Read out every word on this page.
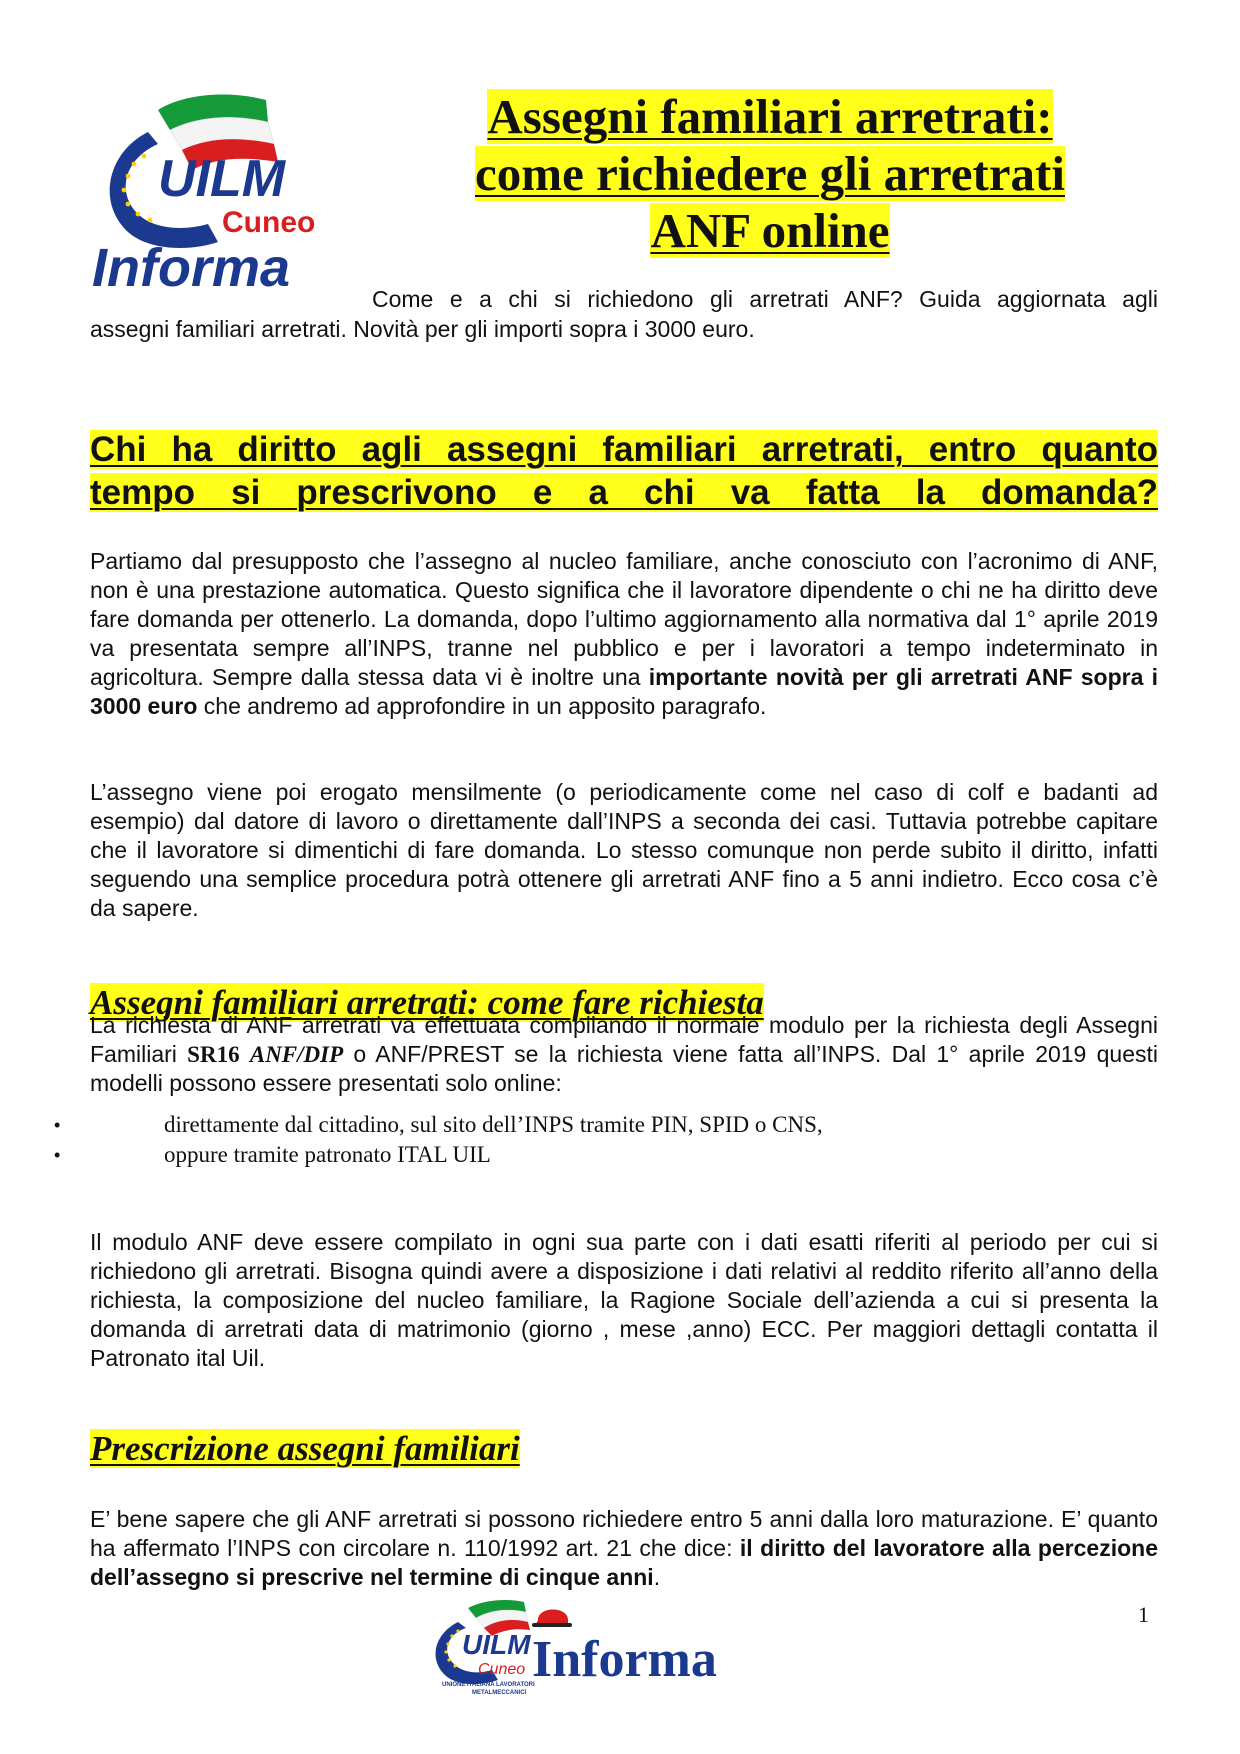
UILM
Cuneo
Informa
Assegni familiari arretrati:
come richiedere gli arretrati
ANF online
Come e a chi si richiedono gli arretrati ANF? Guida aggiornata agli
assegni familiari arretrati. Novità per gli importi sopra i 3000 euro.
Chi ha diritto agli assegni familiari arretrati, entro quanto
tempo si prescrivono e a chi va fatta la domanda?
Partiamo dal presupposto che l’assegno al nucleo familiare, anche conosciuto con l’acronimo di ANF, non è una prestazione automatica. Questo significa che il lavoratore dipendente o chi ne ha diritto deve fare domanda per ottenerlo. La domanda, dopo l’ultimo aggiornamento alla normativa dal 1° aprile 2019 va presentata sempre all’INPS, tranne nel pubblico e per i lavoratori a tempo indeterminato in agricoltura. Sempre dalla stessa data vi è inoltre una importante novità per gli arretrati ANF sopra i 3000 euro che andremo ad approfondire in un apposito paragrafo.
L’assegno viene poi erogato mensilmente (o periodicamente come nel caso di colf e badanti ad esempio) dal datore di lavoro o direttamente dall’INPS a seconda dei casi. Tuttavia potrebbe capitare che il lavoratore si dimentichi di fare domanda. Lo stesso comunque non perde subito il diritto, infatti seguendo una semplice procedura potrà ottenere gli arretrati ANF fino a 5 anni indietro. Ecco cosa c’è da sapere.
Assegni familiari arretrati: come fare richiesta
La richiesta di ANF arretrati va effettuata compilando il normale modulo per la richiesta degli Assegni Familiari SR16 ANF/DIP o ANF/PREST se la richiesta viene fatta all’INPS. Dal 1° aprile 2019 questi modelli possono essere presentati solo online:
• direttamente dal cittadino, sul sito dell’INPS tramite PIN, SPID o CNS,
• oppure tramite patronato ITAL UIL
Il modulo ANF deve essere compilato in ogni sua parte con i dati esatti riferiti al periodo per cui si richiedono gli arretrati. Bisogna quindi avere a disposizione i dati relativi al reddito riferito all’anno della richiesta, la composizione del nucleo familiare, la Ragione Sociale dell’azienda a cui si presenta la domanda di arretrati data di matrimonio (giorno , mese ,anno) ECC. Per maggiori dettagli contatta il Patronato ital Uil.
Prescrizione assegni familiari
E’ bene sapere che gli ANF arretrati si possono richiedere entro 5 anni dalla loro maturazione. E’ quanto ha affermato l’INPS con circolare n. 110/1992 art. 21 che dice: il diritto del lavoratore alla percezione dell’assegno si prescrive nel termine di cinque anni.
1
UILM
Cuneo
UNIONE ITALIANA LAVORATORI
METALMECCANICI
Informa
